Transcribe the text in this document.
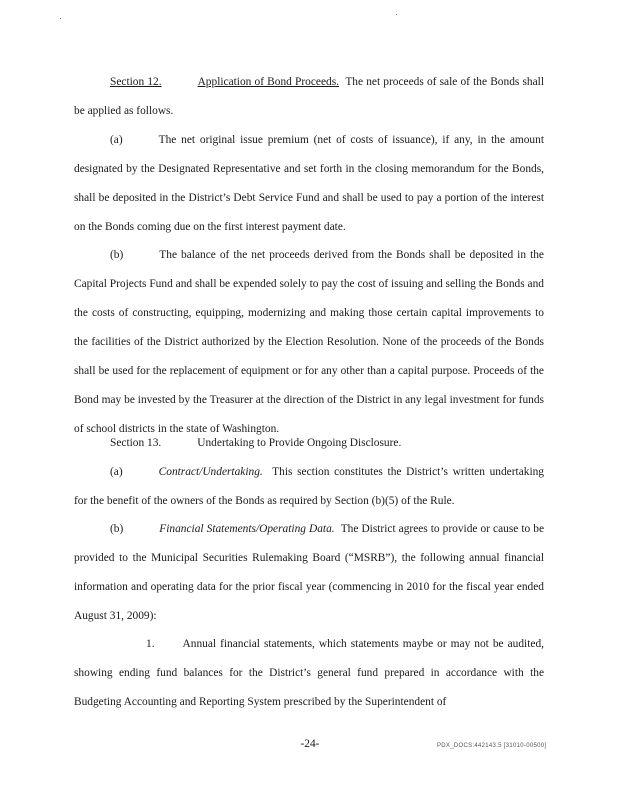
Section 12.	Application of Bond Proceeds. The net proceeds of sale of the Bonds shall be applied as follows.

(a)	The net original issue premium (net of costs of issuance), if any, in the amount designated by the Designated Representative and set forth in the closing memorandum for the Bonds, shall be deposited in the District’s Debt Service Fund and shall be used to pay a portion of the interest on the Bonds coming due on the first interest payment date.

(b)	The balance of the net proceeds derived from the Bonds shall be deposited in the Capital Projects Fund and shall be expended solely to pay the cost of issuing and selling the Bonds and the costs of constructing, equipping, modernizing and making those certain capital improvements to the facilities of the District authorized by the Election Resolution. None of the proceeds of the Bonds shall be used for the replacement of equipment or for any other than a capital purpose. Proceeds of the Bond may be invested by the Treasurer at the direction of the District in any legal investment for funds of school districts in the state of Washington.

Section 13.	Undertaking to Provide Ongoing Disclosure.

(a)	Contract/Undertaking. This section constitutes the District’s written undertaking for the benefit of the owners of the Bonds as required by Section (b)(5) of the Rule.

(b)	Financial Statements/Operating Data. The District agrees to provide or cause to be provided to the Municipal Securities Rulemaking Board (“MSRB”), the following annual financial information and operating data for the prior fiscal year (commencing in 2010 for the fiscal year ended August 31, 2009):

1. Annual financial statements, which statements maybe or may not be audited, showing ending fund balances for the District’s general fund prepared in accordance with the Budgeting Accounting and Reporting System prescribed by the Superintendent of

-24-	PDX_DOCS:442143.5 [31010-00500]
